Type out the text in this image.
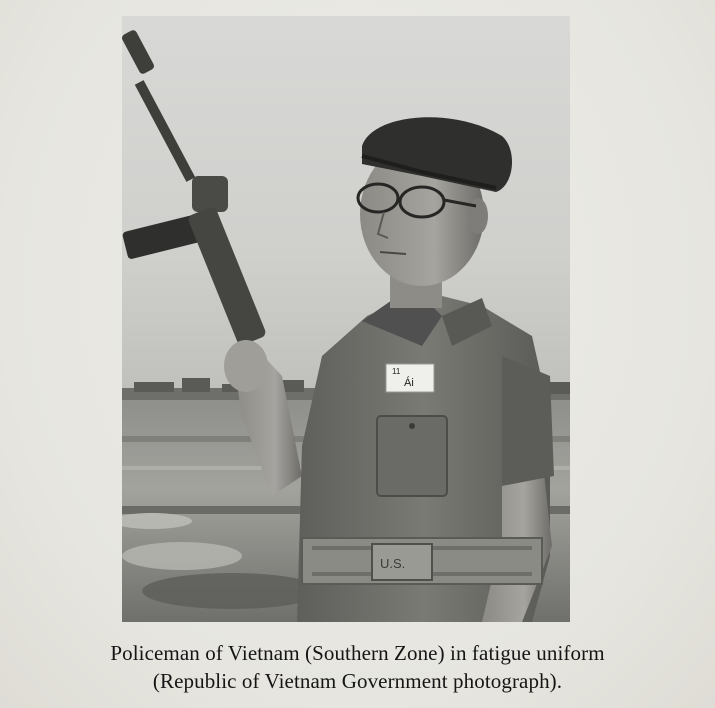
11
Ái
U.S.
Policeman of Vietnam (Southern Zone) in fatigue uniform
(Republic of Vietnam Government photograph).
